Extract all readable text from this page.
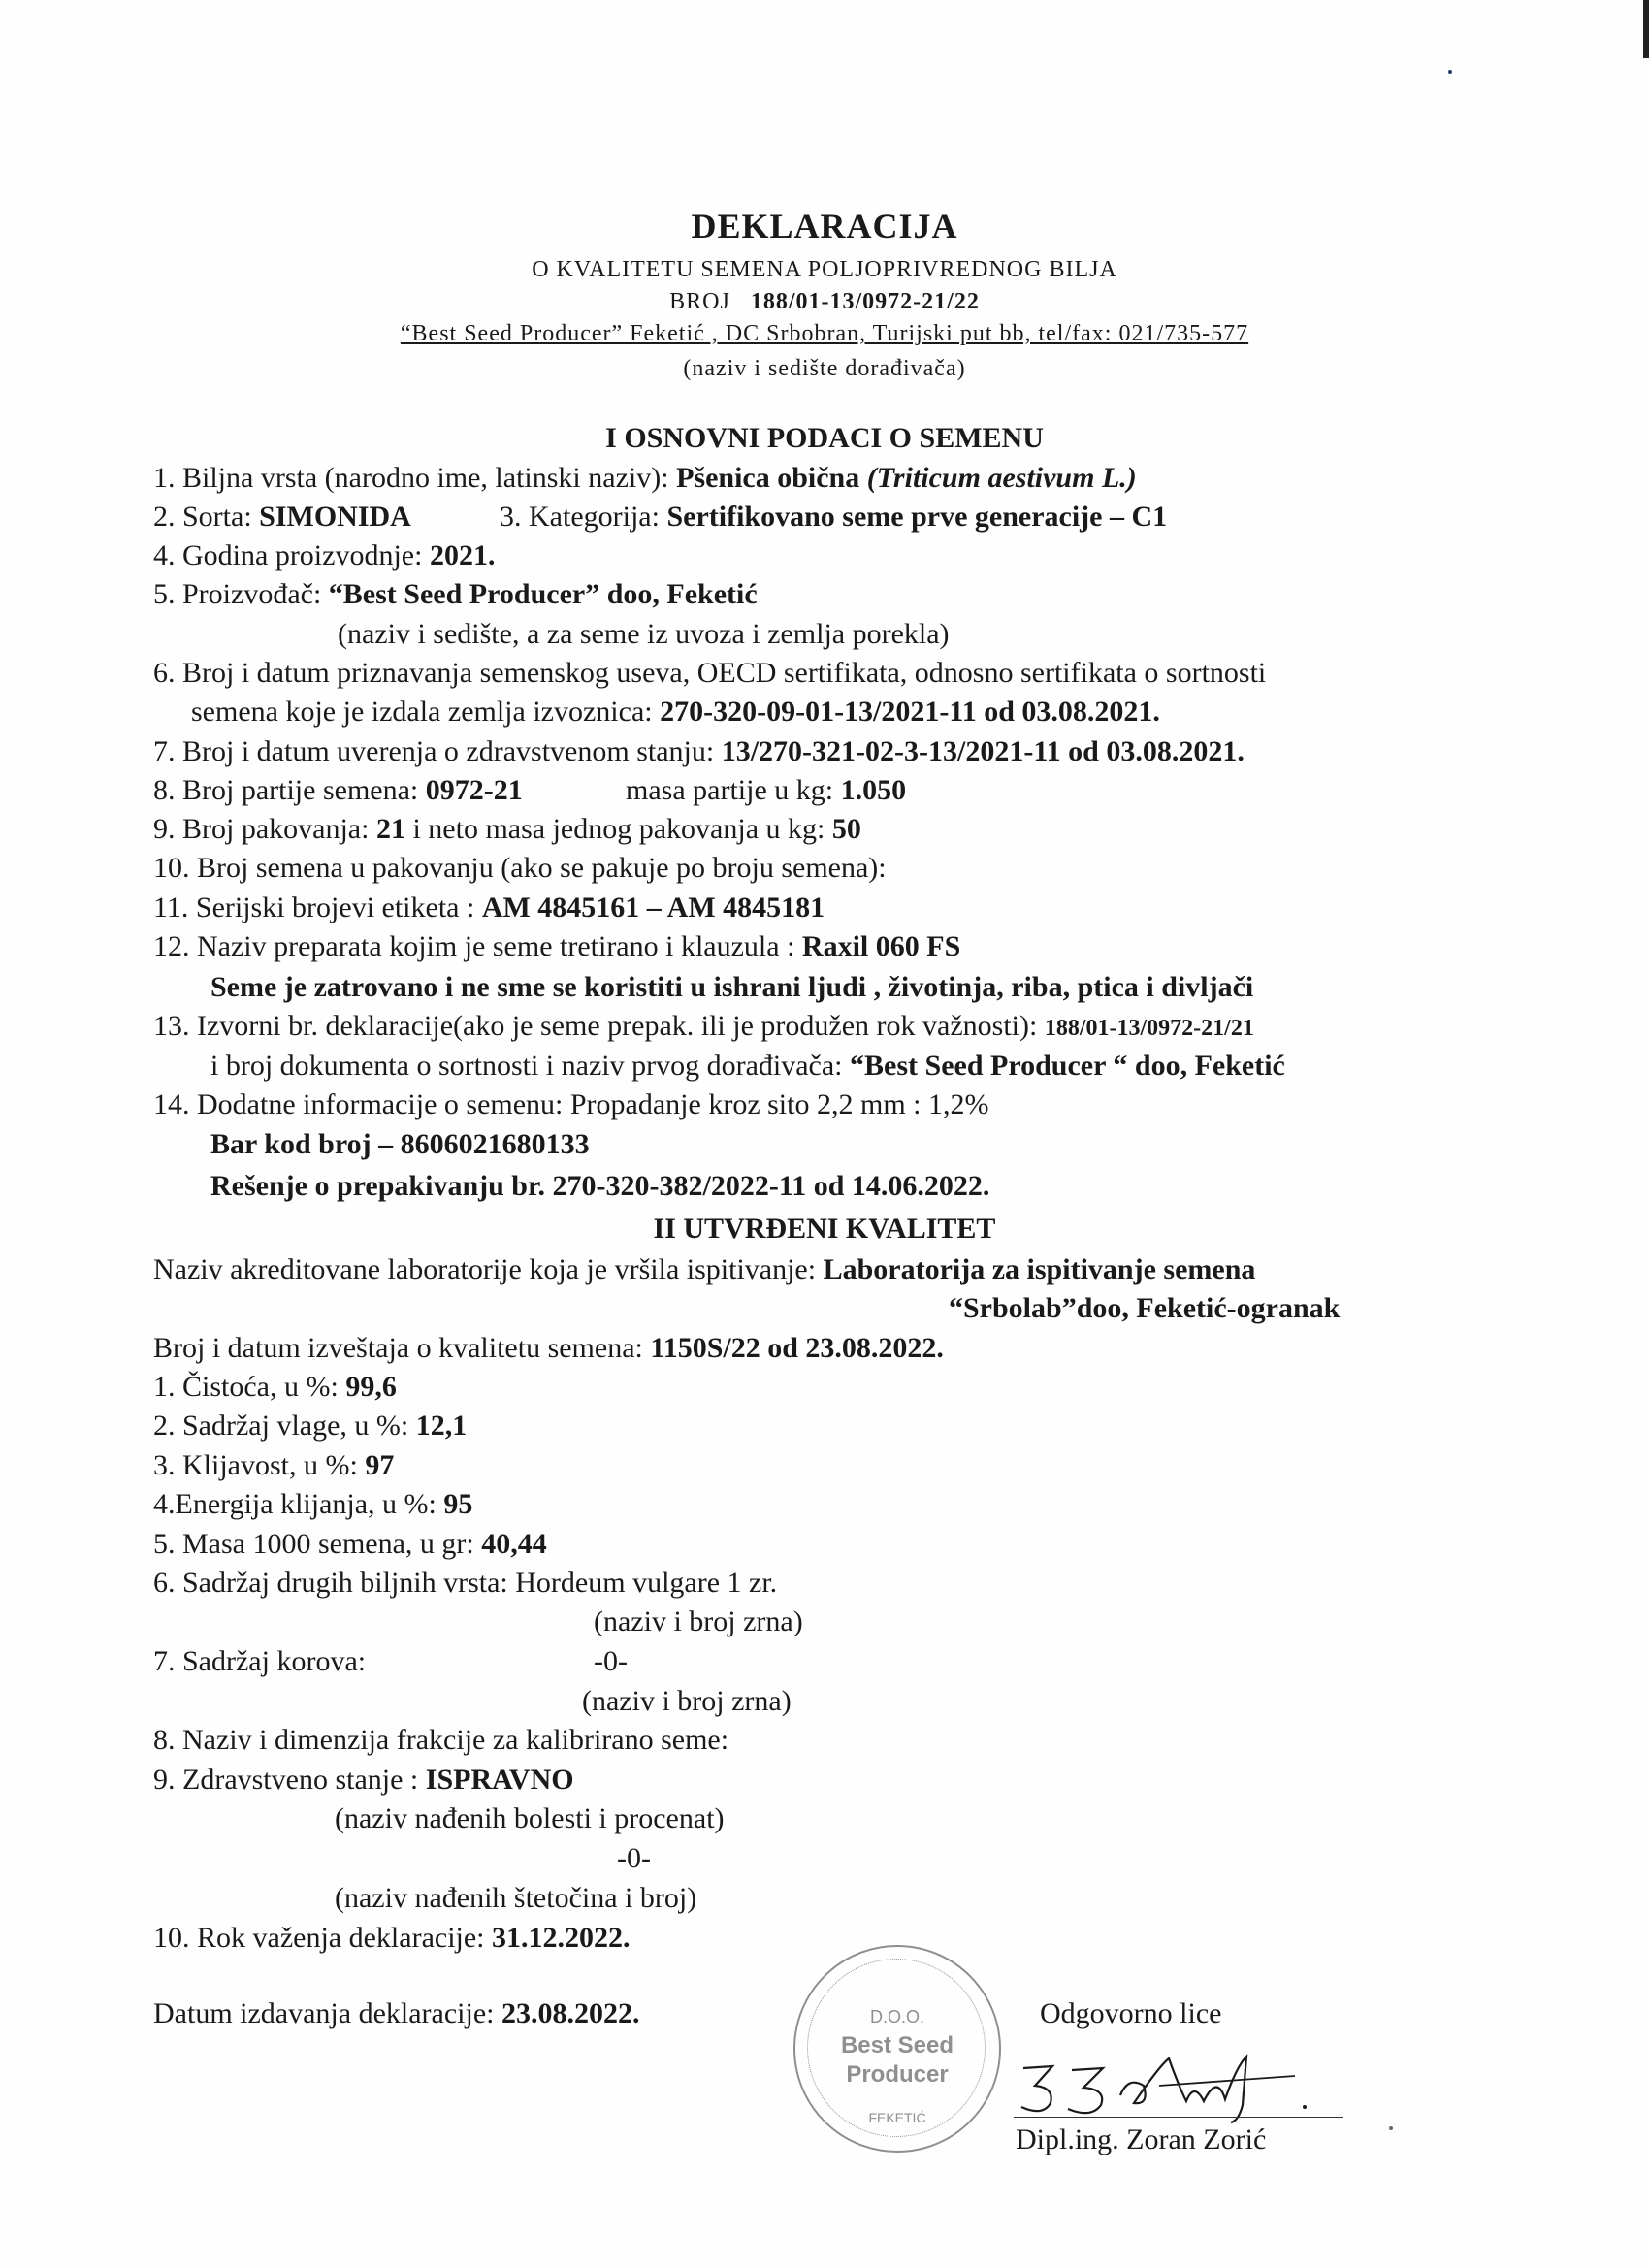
DEKLARACIJA
O KVALITETU SEMENA POLJOPRIVREDNOG BILJA
BROJ 188/01-13/0972-21/22
“Best Seed Producer” Feketić , DC Srbobran, Turijski put bb, tel/fax: 021/735-577
(naziv i sedište dorađivača)
I OSNOVNI PODACI O SEMENU
1. Biljna vrsta (narodno ime, latinski naziv): Pšenica obična (Triticum aestivum L.)
2. Sorta: SIMONIDA	3. Kategorija: Sertifikovano seme prve generacije – C1
4. Godina proizvodnje: 2021.
5. Proizvođač: “Best Seed Producer” doo, Feketić
(naziv i sedište, a za seme iz uvoza i zemlja porekla)
6. Broj i datum priznavanja semenskog useva, OECD sertifikata, odnosno sertifikata o sortnosti
semena koje je izdala zemlja izvoznica: 270-320-09-01-13/2021-11 od 03.08.2021.
7. Broj i datum uverenja o zdravstvenom stanju: 13/270-321-02-3-13/2021-11 od 03.08.2021.
8. Broj partije semena: 0972-21	masa partije u kg: 1.050
9. Broj pakovanja: 21 i neto masa jednog pakovanja u kg: 50
10. Broj semena u pakovanju (ako se pakuje po broju semena):
11. Serijski brojevi etiketa : AM 4845161 – AM 4845181
12. Naziv preparata kojim je seme tretirano i klauzula : Raxil 060 FS
Seme je zatrovano i ne sme se koristiti u ishrani ljudi , životinja, riba, ptica i divljači
13. Izvorni br. deklaracije(ako je seme prepak. ili je produžen rok važnosti): 188/01-13/0972-21/21
i broj dokumenta o sortnosti i naziv prvog dorađivača: “Best Seed Producer “ doo, Feketić
14. Dodatne informacije o semenu: Propadanje kroz sito 2,2 mm : 1,2%
Bar kod broj – 8606021680133
Rešenje o prepakivanju br. 270-320-382/2022-11 od 14.06.2022.
II UTVRĐENI KVALITET
Naziv akreditovane laboratorije koja je vršila ispitivanje: Laboratorija za ispitivanje semena
“Srbolab”doo, Feketić-ogranak
Broj i datum izveštaja o kvalitetu semena: 1150S/22 od 23.08.2022.
1. Čistoća, u %: 99,6
2. Sadržaj vlage, u %: 12,1
3. Klijavost, u %: 97
4.Energija klijanja, u %: 95
5. Masa 1000 semena, u gr: 40,44
6. Sadržaj drugih biljnih vrsta: Hordeum vulgare 1 zr.
(naziv i broj zrna)
7. Sadržaj korova:	-0-
(naziv i broj zrna)
8. Naziv i dimenzija frakcije za kalibrirano seme:
9. Zdravstveno stanje : ISPRAVNO
(naziv nađenih bolesti i procenat)
-0-
(naziv nađenih štetočina i broj)
10. Rok važenja deklaracije: 31.12.2022.
Datum izdavanja deklaracije: 23.08.2022.	Odgovorno lice
D.O.O.
Best Seed
Producer
FEKETIĆ
Dipl.ing. Zoran Zorić
